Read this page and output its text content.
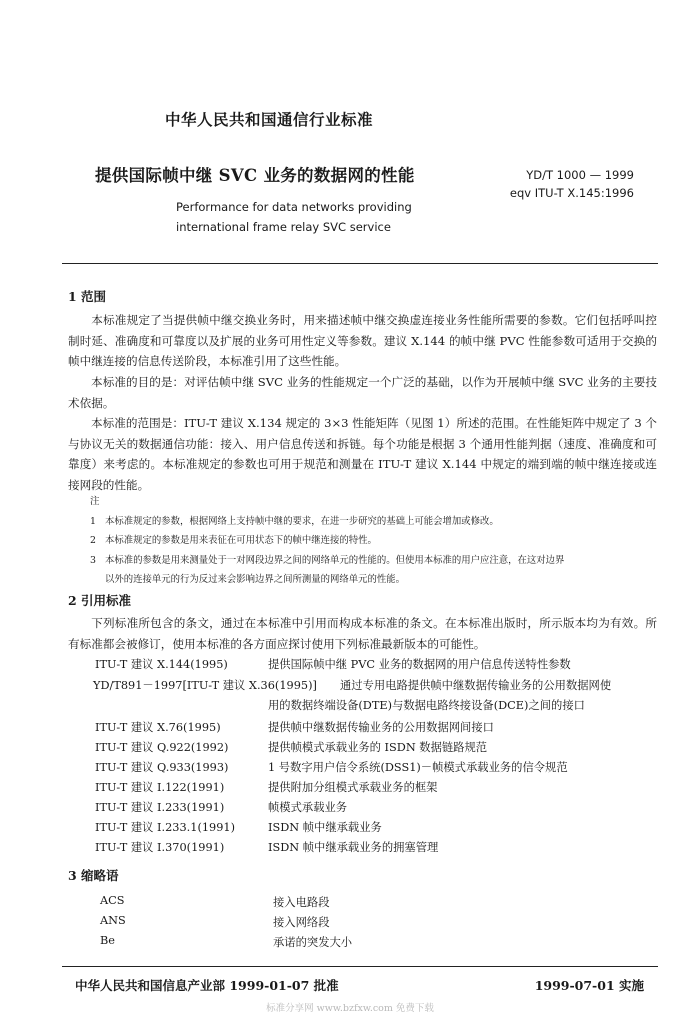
中华人民共和国通信行业标准
提供国际帧中继 SVC 业务的数据网的性能
Performance for data networks providing
international frame relay SVC service
YD/T 1000 — 1999
eqv ITU-T X.145:1996
1 范围
本标准规定了当提供帧中继交换业务时，用来描述帧中继交换虚连接业务性能所需要的参数。它们包括呼叫控制时延、准确度和可靠度以及扩展的业务可用性定义等参数。建议 X.144 的帧中继 PVC 性能参数可适用于交换的帧中继连接的信息传送阶段，本标准引用了这些性能。
本标准的目的是：对评估帧中继 SVC 业务的性能规定一个广泛的基础，以作为开展帧中继 SVC 业务的主要技术依据。
本标准的范围是：ITU-T 建议 X.134 规定的 3×3 性能矩阵（见图 1）所述的范围。在性能矩阵中规定了 3 个与协议无关的数据通信功能：接入、用户信息传送和拆链。每个功能是根据 3 个通用性能判据（速度、准确度和可靠度）来考虑的。本标准规定的参数也可用于规范和测量在 ITU-T 建议 X.144 中规定的端到端的帧中继连接或连接网段的性能。
注
1 本标准规定的参数，根据网络上支持帧中继的要求，在进一步研究的基础上可能会增加或修改。
2 本标准规定的参数是用来表征在可用状态下的帧中继连接的特性。
3 本标准的参数是用来测量处于一对网段边界之间的网络单元的性能的。但使用本标准的用户应注意，在这对边界
以外的连接单元的行为反过来会影响边界之间所测量的网络单元的性能。
2 引用标准
下列标准所包含的条文，通过在本标准中引用而构成本标准的条文。在本标准出版时，所示版本均为有效。所有标准都会被修订，使用本标准的各方面应探讨使用下列标准最新版本的可能性。
ITU-T 建议 X.144(1995)	提供国际帧中继 PVC 业务的数据网的用户信息传送特性参数
YD/T891－1997[ITU-T 建议 X.36(1995)] 通过专用电路提供帧中继数据传输业务的公用数据网使
用的数据终端设备(DTE)与数据电路终接设备(DCE)之间的接口
ITU-T 建议 X.76(1995)	提供帧中继数据传输业务的公用数据网间接口
ITU-T 建议 Q.922(1992)	提供帧模式承载业务的 ISDN 数据链路规范
ITU-T 建议 Q.933(1993)	1 号数字用户信令系统(DSS1)－帧模式承载业务的信令规范
ITU-T 建议 I.122(1991)	提供附加分组模式承载业务的框架
ITU-T 建议 I.233(1991)	帧模式承载业务
ITU-T 建议 I.233.1(1991)	ISDN 帧中继承载业务
ITU-T 建议 I.370(1991)	ISDN 帧中继承载业务的拥塞管理
3 缩略语
ACS	接入电路段
ANS	接入网络段
Be	承诺的突发大小
中华人民共和国信息产业部 1999-01-07 批准	1999-07-01 实施
标准分享网 www.bzfxw.com 免费下载
